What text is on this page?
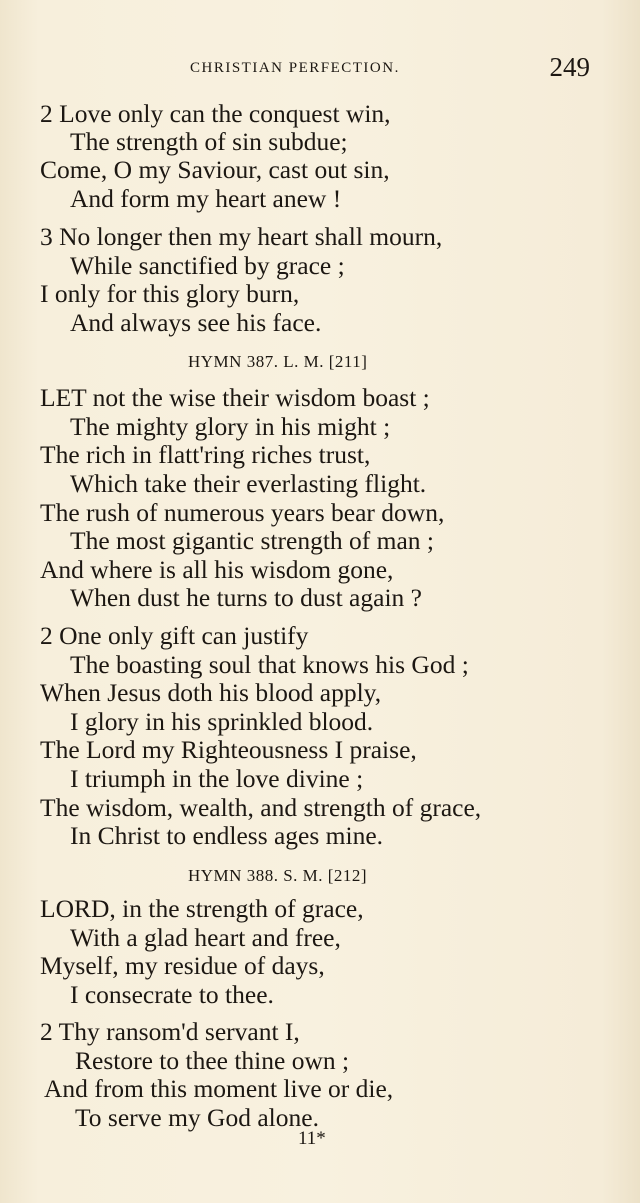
CHRISTIAN PERFECTION.	249
2 Love only can the conquest win,
The strength of sin subdue;
Come, O my Saviour, cast out sin,
And form my heart anew !
3 No longer then my heart shall mourn,
While sanctified by grace ;
I only for this glory burn,
And always see his face.
HYMN 387. L. M. [211]
LET not the wise their wisdom boast ;
The mighty glory in his might ;
The rich in flatt'ring riches trust,
Which take their everlasting flight.
The rush of numerous years bear down,
The most gigantic strength of man ;
And where is all his wisdom gone,
When dust he turns to dust again ?
2 One only gift can justify
The boasting soul that knows his God ;
When Jesus doth his blood apply,
I glory in his sprinkled blood.
The Lord my Righteousness I praise,
I triumph in the love divine ;
The wisdom, wealth, and strength of grace,
In Christ to endless ages mine.
HYMN 388. S. M. [212]
LORD, in the strength of grace,
With a glad heart and free,
Myself, my residue of days,
I consecrate to thee.
2 Thy ransom'd servant I,
Restore to thee thine own ;
And from this moment live or die,
To serve my God alone.
11*
